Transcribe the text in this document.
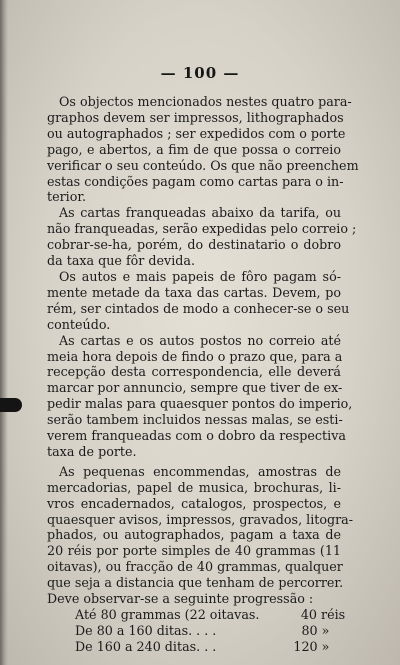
— 100 —

Os objectos mencionados nestes quatro para-
graphos devem ser impressos, lithographados
ou autographados ; ser expedidos com o porte
pago, e abertos, a fim de que possa o correio
verificar o seu conteúdo. Os que não preenchem
estas condições pagam como cartas para o in-
terior.

As cartas franqueadas abaixo da tarifa, ou
não franqueadas, serão expedidas pelo correio ;
cobrar-se-ha, porém, do destinatario o dobro
da taxa que fôr devida.

Os autos e mais papeis de fôro pagam só-
mente metade da taxa das cartas. Devem, po
rém, ser cintados de modo a conhecer-se o seu
conteúdo.

As cartas e os autos postos no correio até
meia hora depois de findo o prazo que, para a
recepção desta correspondencia, elle deverá
marcar por annuncio, sempre que tiver de ex-
pedir malas para quaesquer pontos do imperio,
serão tambem incluidos nessas malas, se esti-
verem franqueadas com o dobro da respectiva
taxa de porte.

As pequenas encommendas, amostras de
mercadorias, papel de musica, brochuras, li-
vros encadernados, catalogos, prospectos, e
quaesquer avisos, impressos, gravados, litogra-
phados, ou autographados, pagam a taxa de
20 réis por porte simples de 40 grammas (11
oitavas), ou fracção de 40 grammas, qualquer
que seja a distancia que tenham de percorrer.
Deve observar-se a seguinte progressão :

Até 80 grammas (22 oitavas.	40 réis
De 80 a 160 ditas. . . .	80 »
De 160 a 240 ditas. . .	120 »
